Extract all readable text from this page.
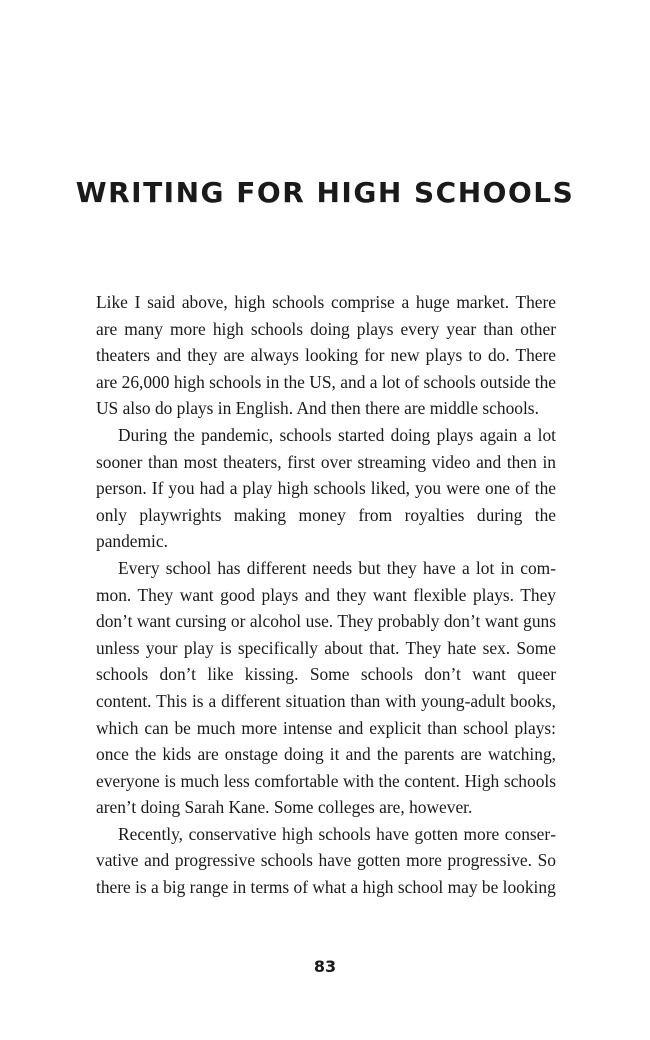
WRITING FOR HIGH SCHOOLS

Like I said above, high schools comprise a huge market. There are many more high schools doing plays every year than other theaters and they are always looking for new plays to do. There are 26,000 high schools in the US, and a lot of schools outside the US also do plays in English. And then there are middle schools.

During the pandemic, schools started doing plays again a lot sooner than most theaters, first over streaming video and then in person. If you had a play high schools liked, you were one of the only playwrights making money from royalties during the pandemic.

Every school has different needs but they have a lot in common. They want good plays and they want flexible plays. They don’t want cursing or alcohol use. They probably don’t want guns unless your play is specifically about that. They hate sex. Some schools don’t like kissing. Some schools don’t want queer content. This is a different situation than with young-adult books, which can be much more intense and explicit than school plays: once the kids are onstage doing it and the parents are watching, everyone is much less comfortable with the content. High schools aren’t doing Sarah Kane. Some colleges are, however.

Recently, conservative high schools have gotten more conservative and progressive schools have gotten more progressive. So there is a big range in terms of what a high school may be looking

83
